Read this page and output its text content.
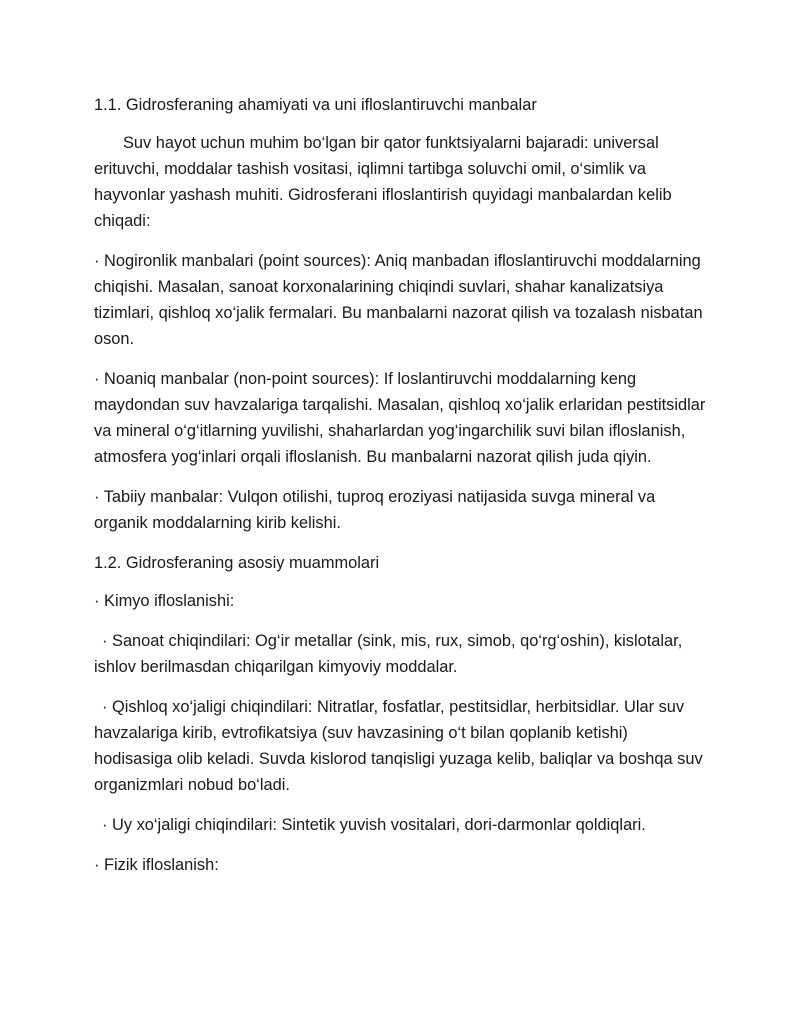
1.1. Gidrosferaning ahamiyati va uni ifloslantiruvchi manbalar

Suv hayot uchun muhim bo‘lgan bir qator funktsiyalarni bajaradi: universal erituvchi, moddalar tashish vositasi, iqlimni tartibga soluvchi omil, o‘simlik va hayvonlar yashash muhiti. Gidrosferani ifloslantirish quyidagi manbalardan kelib chiqadi:

· Nogironlik manbalari (point sources): Aniq manbadan ifloslantiruvchi moddalarning chiqishi. Masalan, sanoat korxonalarining chiqindi suvlari, shahar kanalizatsiya tizimlari, qishloq xo‘jalik fermalari. Bu manbalarni nazorat qilish va tozalash nisbatan oson.

· Noaniq manbalar (non-point sources): If loslantiruvchi moddalarning keng maydondan suv havzalariga tarqalishi. Masalan, qishloq xo‘jalik erlaridan pestitsidlar va mineral o‘g‘itlarning yuvilishi, shaharlardan yog‘ingarchilik suvi bilan ifloslanish, atmosfera yog‘inlari orqali ifloslanish. Bu manbalarni nazorat qilish juda qiyin.

· Tabiiy manbalar: Vulqon otilishi, tuproq eroziyasi natijasida suvga mineral va organik moddalarning kirib kelishi.

1.2. Gidrosferaning asosiy muammolari

· Kimyo ifloslanishi:

· Sanoat chiqindilari: Og‘ir metallar (sink, mis, rux, simob, qo‘rg‘oshin), kislotalar, ishlov berilmasdan chiqarilgan kimyoviy moddalar.

· Qishloq xo‘jaligi chiqindilari: Nitratlar, fosfatlar, pestitsidlar, herbitsidlar. Ular suv havzalariga kirib, evtrofikatsiya (suv havzasining o‘t bilan qoplanib ketishi) hodisasiga olib keladi. Suvda kislorod tanqisligi yuzaga kelib, baliqlar va boshqa suv organizmlari nobud bo‘ladi.

· Uy xo‘jaligi chiqindilari: Sintetik yuvish vositalari, dori-darmonlar qoldiqlari.

· Fizik ifloslanish:
